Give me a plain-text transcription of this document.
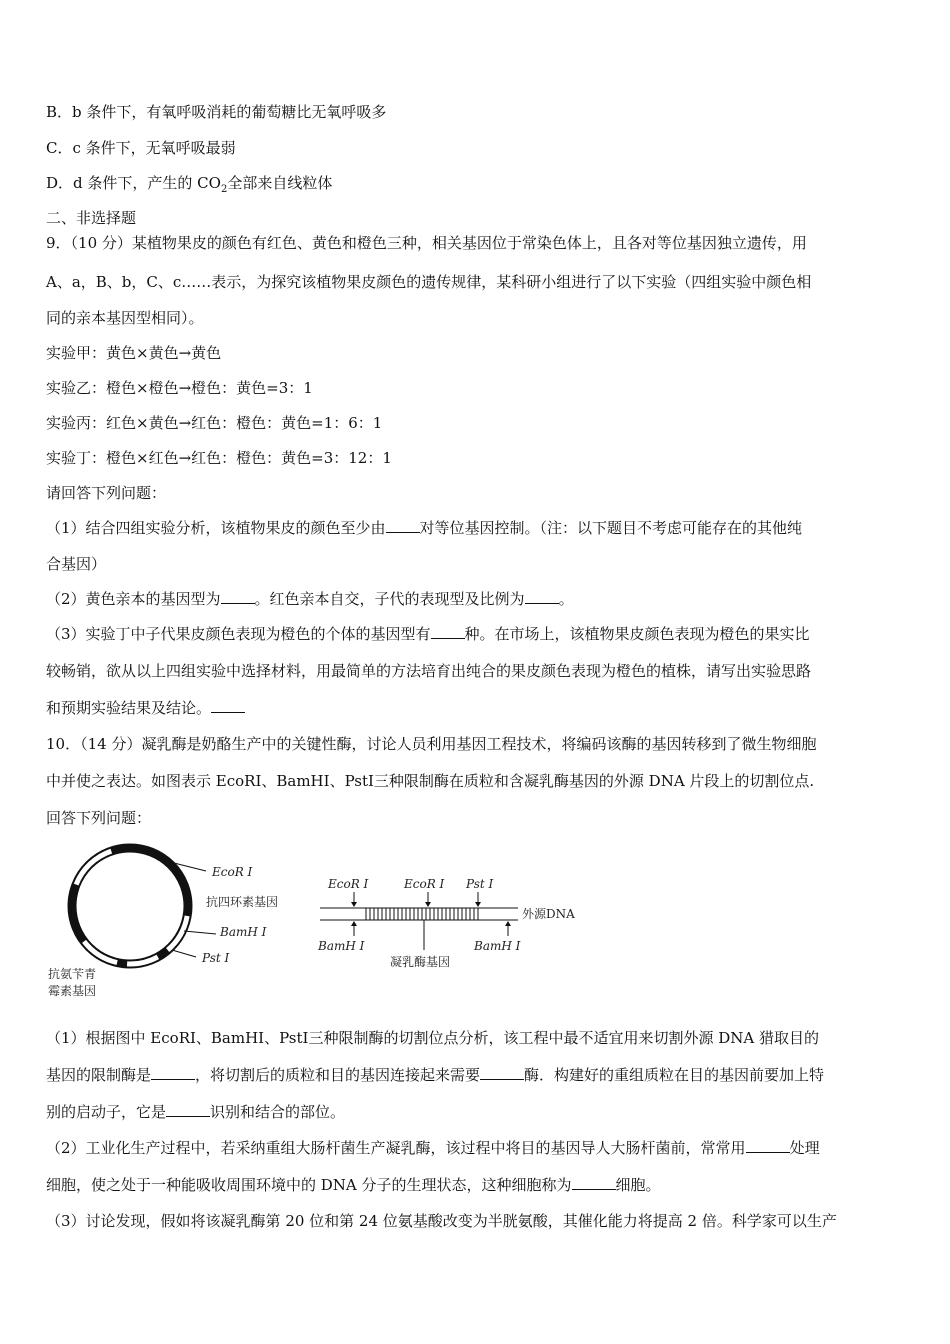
B．b 条件下，有氧呼吸消耗的葡萄糖比无氧呼吸多
C．c 条件下，无氧呼吸最弱
D．d 条件下，产生的 $CO_2$全部来自线粒体
二、非选择题
9．（10 分）某植物果皮的颜色有红色、黄色和橙色三种，相关基因位于常染色体上，且各对等位基因独立遗传，用
A、a，B、b，C、c……表示，为探究该植物果皮颜色的遗传规律，某科研小组进行了以下实验（四组实验中颜色相
同的亲本基因型相同）。
实验甲：黄色×黄色→黄色
实验乙：橙色×橙色→橙色：黄色=3：1
实验丙：红色×黄色→红色：橙色：黄色=1：6：1
实验丁：橙色×红色→红色：橙色：黄色=3：12：1
请回答下列问题：
（1）结合四组实验分析，该植物果皮的颜色至少由 对等位基因控制。（注：以下题目不考虑可能存在的其他纯
合基因）
（2）黄色亲本的基因型为 。红色亲本自交，子代的表现型及比例为 。
（3）实验丁中子代果皮颜色表现为橙色的个体的基因型有 种。在市场上，该植物果皮颜色表现为橙色的果实比
较畅销，欲从以上四组实验中选择材料，用最简单的方法培育出纯合的果皮颜色表现为橙色的植株，请写出实验思路
和预期实验结果及结论。
10．（14 分）凝乳酶是奶酪生产中的关键性酶，讨论人员利用基因工程技术，将编码该酶的基因转移到了微生物细胞
中并使之表达。如图表示 EcoRⅠ、BamHⅠ、PstⅠ三种限制酶在质粒和含凝乳酶基因的外源 DNA 片段上的切割位点.
回答下列问题：
EcoR Ⅰ
抗四环素基因
BamH Ⅰ
Pst Ⅰ
抗氨苄青
霉素基因
EcoR Ⅰ	EcoR Ⅰ Pst Ⅰ
BamH Ⅰ	BamH Ⅰ
外源DNA
凝乳酶基因
（1）根据图中 EcoRⅠ、BamHⅠ、PstⅠ三种限制酶的切割位点分析，该工程中最不适宜用来切割外源 DNA 猎取目的
基因的限制酶是	，将切割后的质粒和目的基因连接起来需要	酶．构建好的重组质粒在目的基因前要加上特
别的启动子，它是	识别和结合的部位。
（2）工业化生产过程中，若采纳重组大肠杆菌生产凝乳酶，该过程中将目的基因导人大肠杆菌前，常常用	处理
细胞，使之处于一种能吸收周围环境中的 DNA 分子的生理状态，这种细胞称为	细胞。
（3）讨论发现，假如将该凝乳酶第 20 位和第 24 位氨基酸改变为半胱氨酸，其催化能力将提高 2 倍。科学家可以生产
